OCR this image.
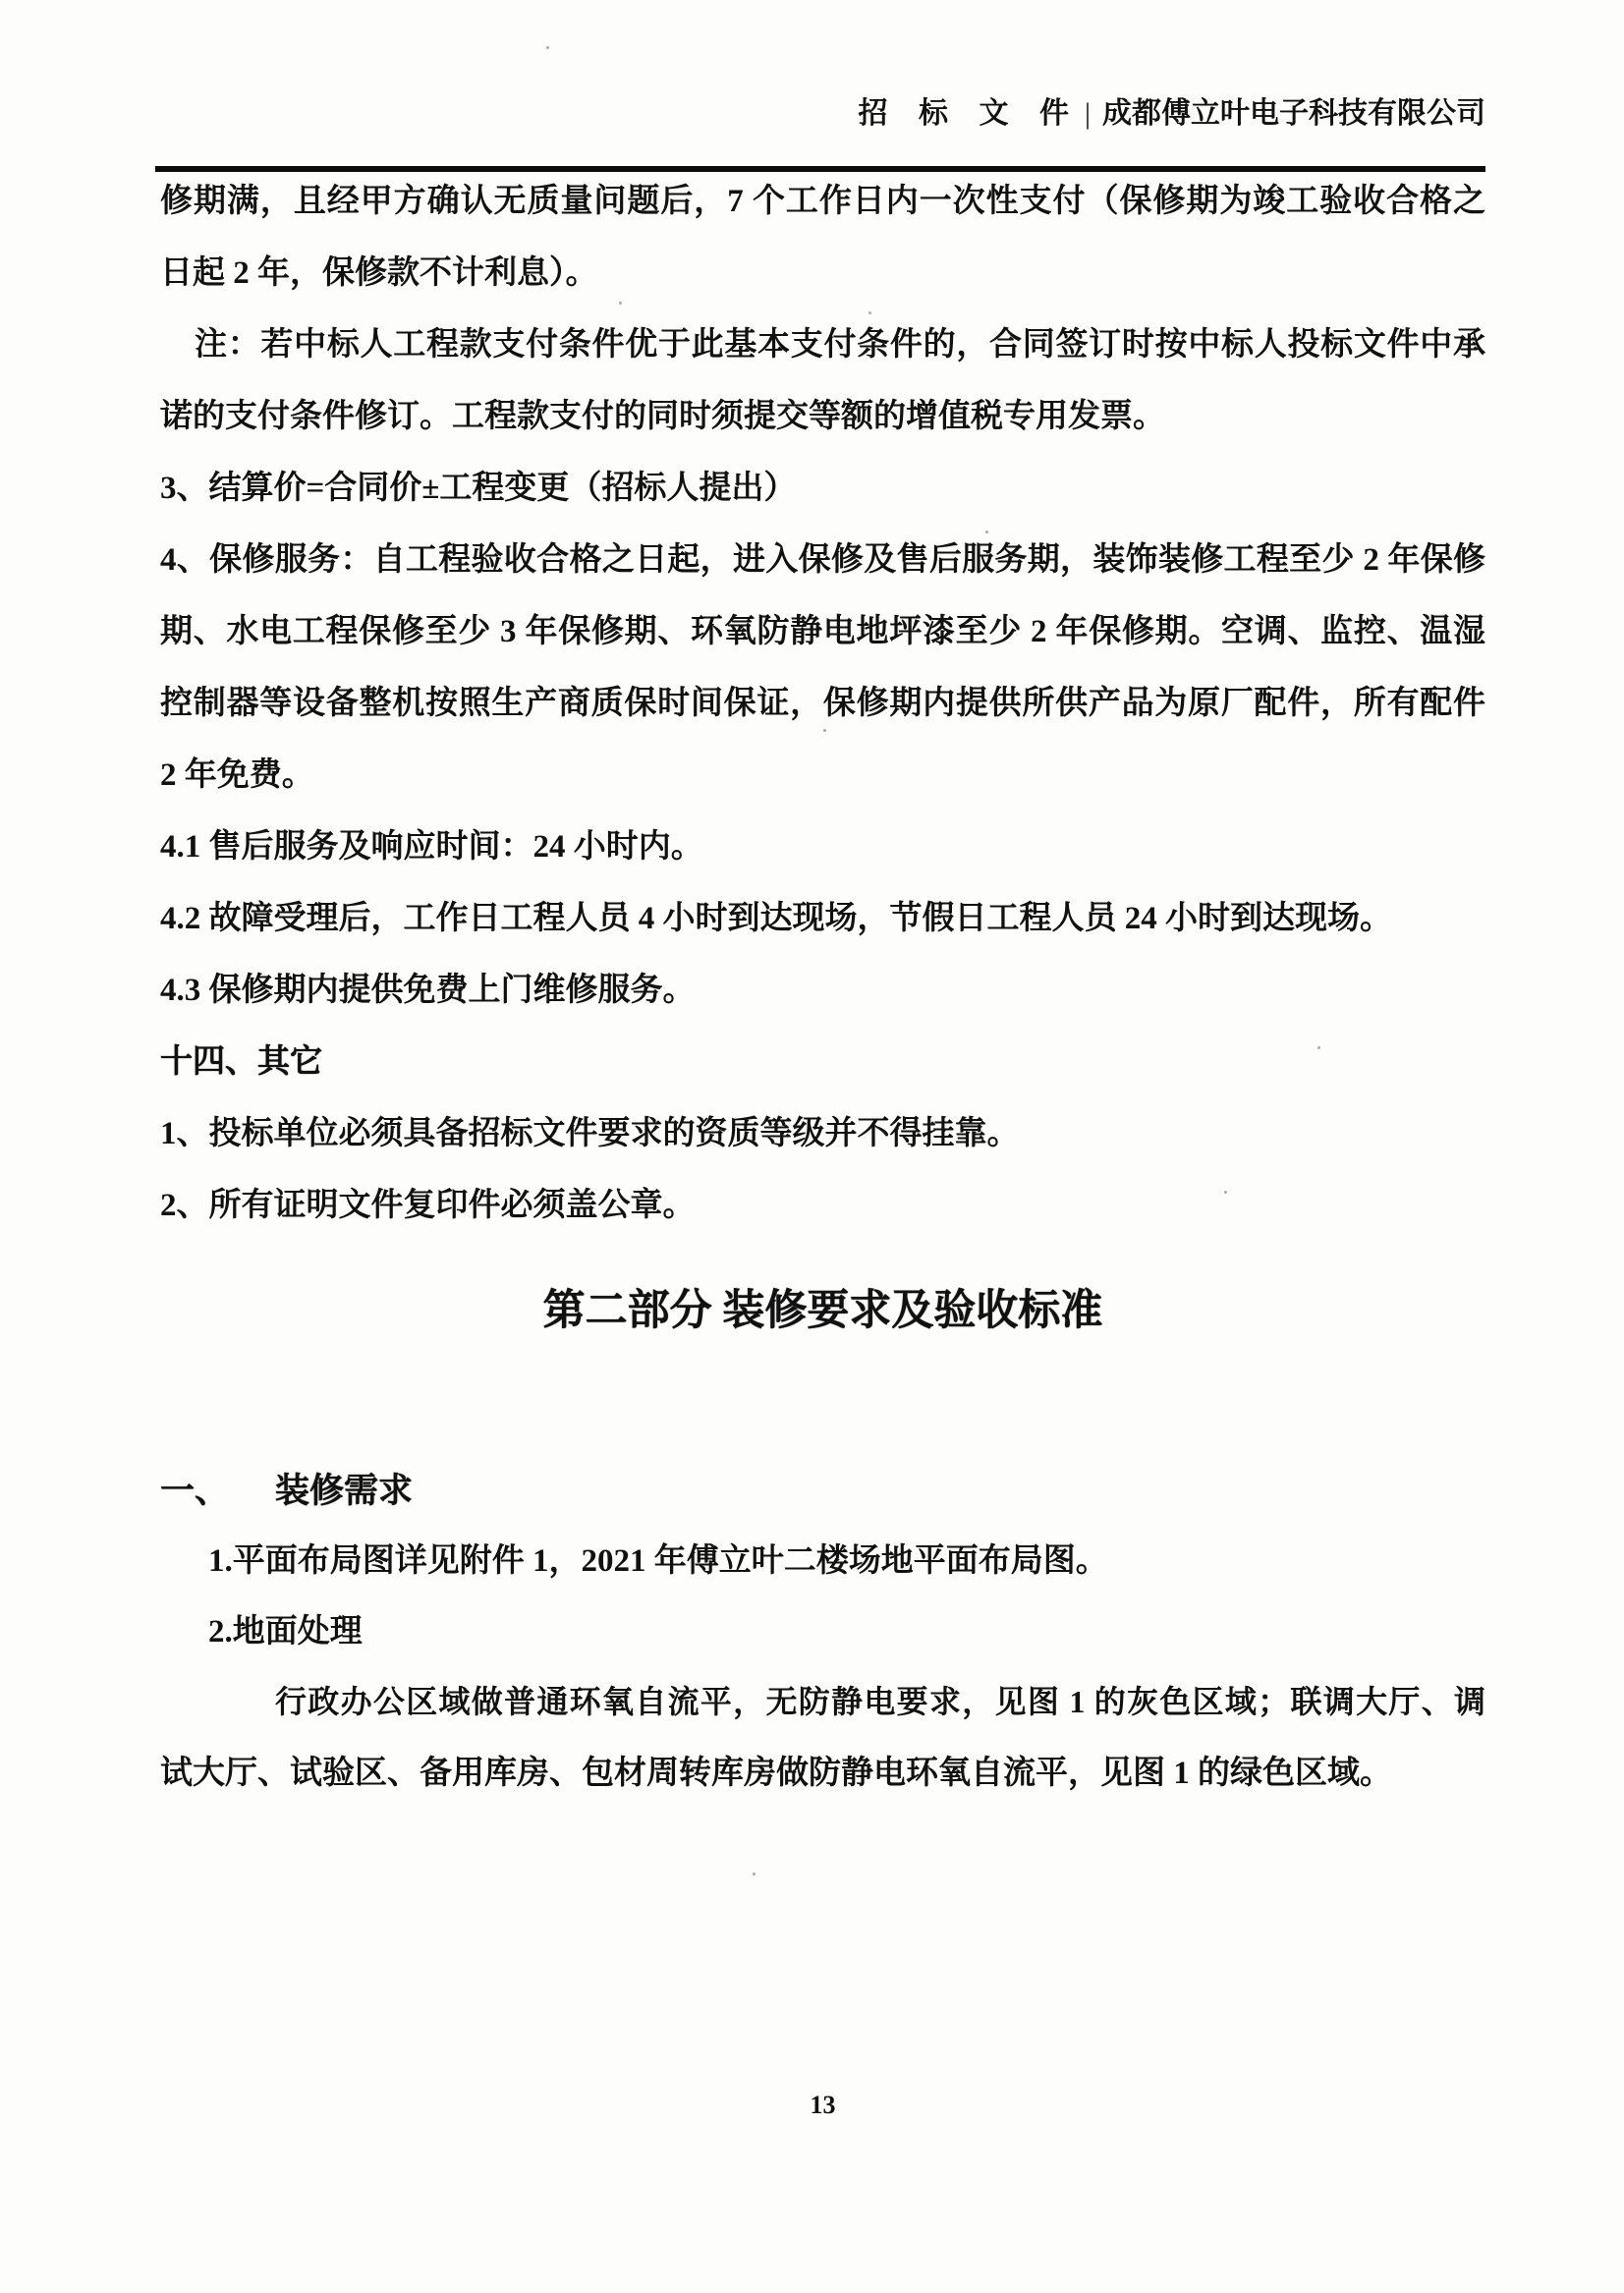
招 标 文 件 | 成都傅立叶电子科技有限公司
修期满，且经甲方确认无质量问题后，7 个工作日内一次性支付（保修期为竣工验收合格之
日起 2 年，保修款不计利息）。
注：若中标人工程款支付条件优于此基本支付条件的，合同签订时按中标人投标文件中承
诺的支付条件修订。工程款支付的同时须提交等额的增值税专用发票。
3、结算价=合同价±工程变更（招标人提出）
4、保修服务：自工程验收合格之日起，进入保修及售后服务期，装饰装修工程至少 2 年保修
期、水电工程保修至少 3 年保修期、环氧防静电地坪漆至少 2 年保修期。空调、监控、温湿
控制器等设备整机按照生产商质保时间保证，保修期内提供所供产品为原厂配件，所有配件
2 年免费。
4.1 售后服务及响应时间：24 小时内。
4.2 故障受理后，工作日工程人员 4 小时到达现场，节假日工程人员 24 小时到达现场。
4.3 保修期内提供免费上门维修服务。
十四、其它
1、投标单位必须具备招标文件要求的资质等级并不得挂靠。
2、所有证明文件复印件必须盖公章。
第二部分 装修要求及验收标准
一、 装修需求
1.平面布局图详见附件 1，2021 年傅立叶二楼场地平面布局图。
2.地面处理
行政办公区域做普通环氧自流平，无防静电要求，见图 1 的灰色区域；联调大厅、调
试大厅、试验区、备用库房、包材周转库房做防静电环氧自流平，见图 1 的绿色区域。
13
